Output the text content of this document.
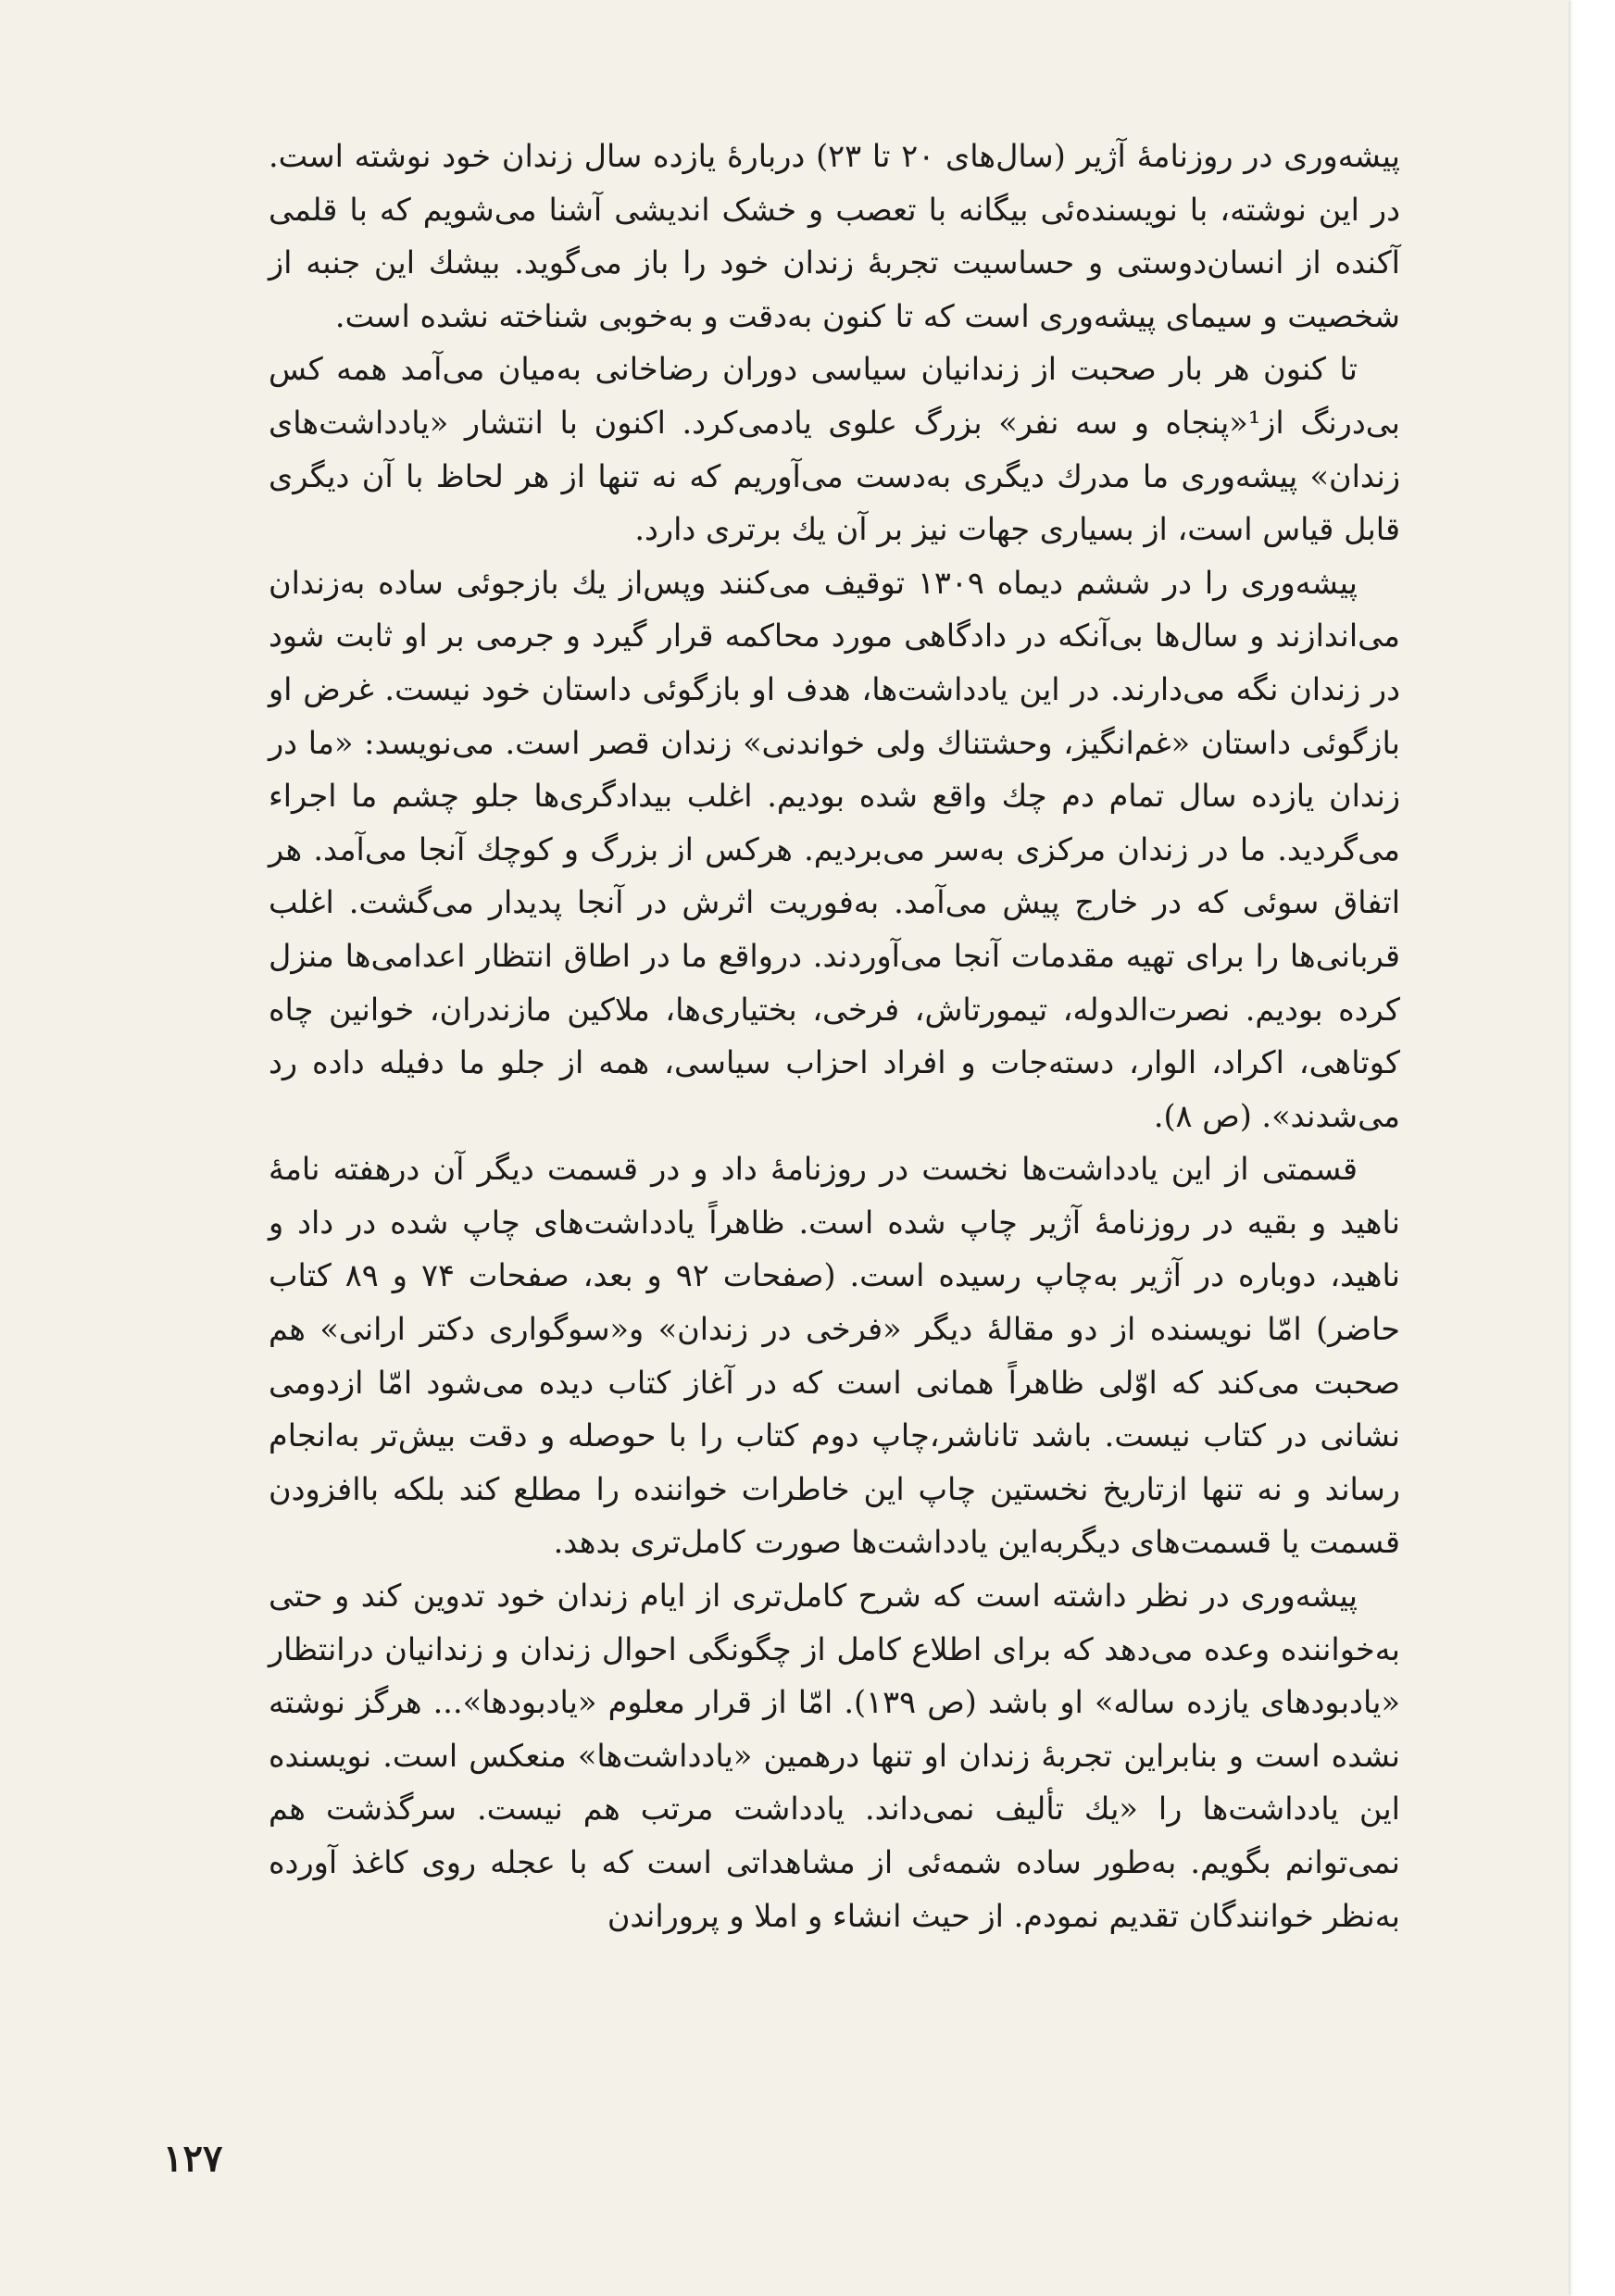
پیشه‌وری در روزنامهٔ آژیر (سال‌های ۲۰ تا ۲۳) دربارهٔ یازده سال زندان خود نوشته است. در این نوشته، با نویسنده‌ئی بیگانه با تعصب و خشک اندیشی آشنا می‌شویم که با قلمی آکنده از انسان‌دوستی و حساسیت تجربهٔ زندان خود را باز می‌گوید. بیشك این جنبه از شخصیت و سیمای پیشه‌وری است که تا کنون به‌دقت و به‌خوبی شناخته نشده است.

تا کنون هر بار صحبت از زندانیان سیاسی دوران رضاخانی به‌میان می‌آمد همه کس بی‌درنگ از¹«پنجاه و سه نفر» بزرگ علوی یادمی‌کرد. اکنون با انتشار «یادداشت‌های زندان» پیشه‌وری ما مدرك دیگری به‌دست می‌آوریم که نه تنها از هر لحاظ با آن دیگری قابل قیاس است، از بسیاری جهات نیز بر آن یك برتری دارد.

پیشه‌وری را در ششم دیماه ۱۳۰۹ توقیف می‌کنند وپس‌از یك بازجوئی ساده به‌زندان می‌اندازند و سال‌ها بی‌آنکه در دادگاهی مورد محاکمه قرار گیرد و جرمی بر او ثابت شود در زندان نگه می‌دارند. در این یادداشت‌ها، هدف او بازگوئی داستان خود نیست. غرض او بازگوئی داستان «غم‌انگیز، وحشتناك ولی خواندنی» زندان قصر است. می‌نویسد: «ما در زندان یازده سال تمام دم چك واقع شده بودیم. اغلب بیدادگری‌ها جلو چشم ما اجراء می‌گردید. ما در زندان مرکزی به‌سر می‌بردیم. هرکس از بزرگ و کوچك آنجا می‌آمد. هر اتفاق سوئی که در خارج پیش می‌آمد. به‌فوریت اثرش در آنجا پدیدار می‌گشت. اغلب قربانی‌ها را برای تهیه مقدمات آنجا می‌آوردند. درواقع ما در اطاق انتظار اعدامی‌ها منزل کرده بودیم. نصرت‌الدوله، تیمورتاش، فرخی، بختیاری‌ها، ملاکین مازندران، خوانین چاه کوتاهی، اکراد، الوار، دسته‌جات و افراد احزاب سیاسی، همه از جلو ما دفیله داده رد می‌شدند». (ص ۸).

قسمتی از این یادداشت‌ها نخست در روزنامهٔ داد و در قسمت دیگر آن درهفته نامهٔ ناهید و بقیه در روزنامهٔ آژیر چاپ شده است. ظاهراً یادداشت‌های چاپ شده در داد و ناهید، دوباره در آژیر به‌چاپ رسیده است. (صفحات ۹۲ و بعد، صفحات ۷۴ و ۸۹ کتاب حاضر) امّا نویسنده از دو مقالهٔ دیگر «فرخی در زندان» و«سوگواری دکتر ارانی» هم صحبت می‌کند که اوّلی ظاهراً همانی است که در آغاز کتاب دیده می‌شود امّا ازدومی نشانی در کتاب نیست. باشد تاناشر،چاپ دوم کتاب را با حوصله و دقت بیش‌تر به‌انجام رساند و نه تنها ازتاریخ نخستین چاپ این خاطرات خواننده را مطلع کند بلکه باافزودن قسمت یا قسمت‌های دیگربه‌این یادداشت‌ها صورت کامل‌تری بدهد.

پیشه‌وری در نظر داشته است که شرح کامل‌تری از ایام زندان خود تدوین کند و حتی به‌خواننده وعده می‌دهد که برای اطلاع کامل از چگونگی احوال زندان و زندانیان درانتظار «یادبودهای یازده ساله» او باشد (ص ۱۳۹). امّا از قرار معلوم «یادبودها»... هرگز نوشته نشده است و بنابراین تجربهٔ زندان او تنها درهمین «یادداشت‌ها» منعکس است. نویسنده این یادداشت‌ها را «یك تألیف نمی‌داند. یادداشت مرتب هم نیست. سرگذشت هم نمی‌توانم بگویم. به‌طور ساده شمه‌ئی از مشاهداتی است که با عجله روی کاغذ آورده به‌نظر خوانندگان تقدیم نمودم. از حیث انشاء و املا و پروراندن

۱۲۷
